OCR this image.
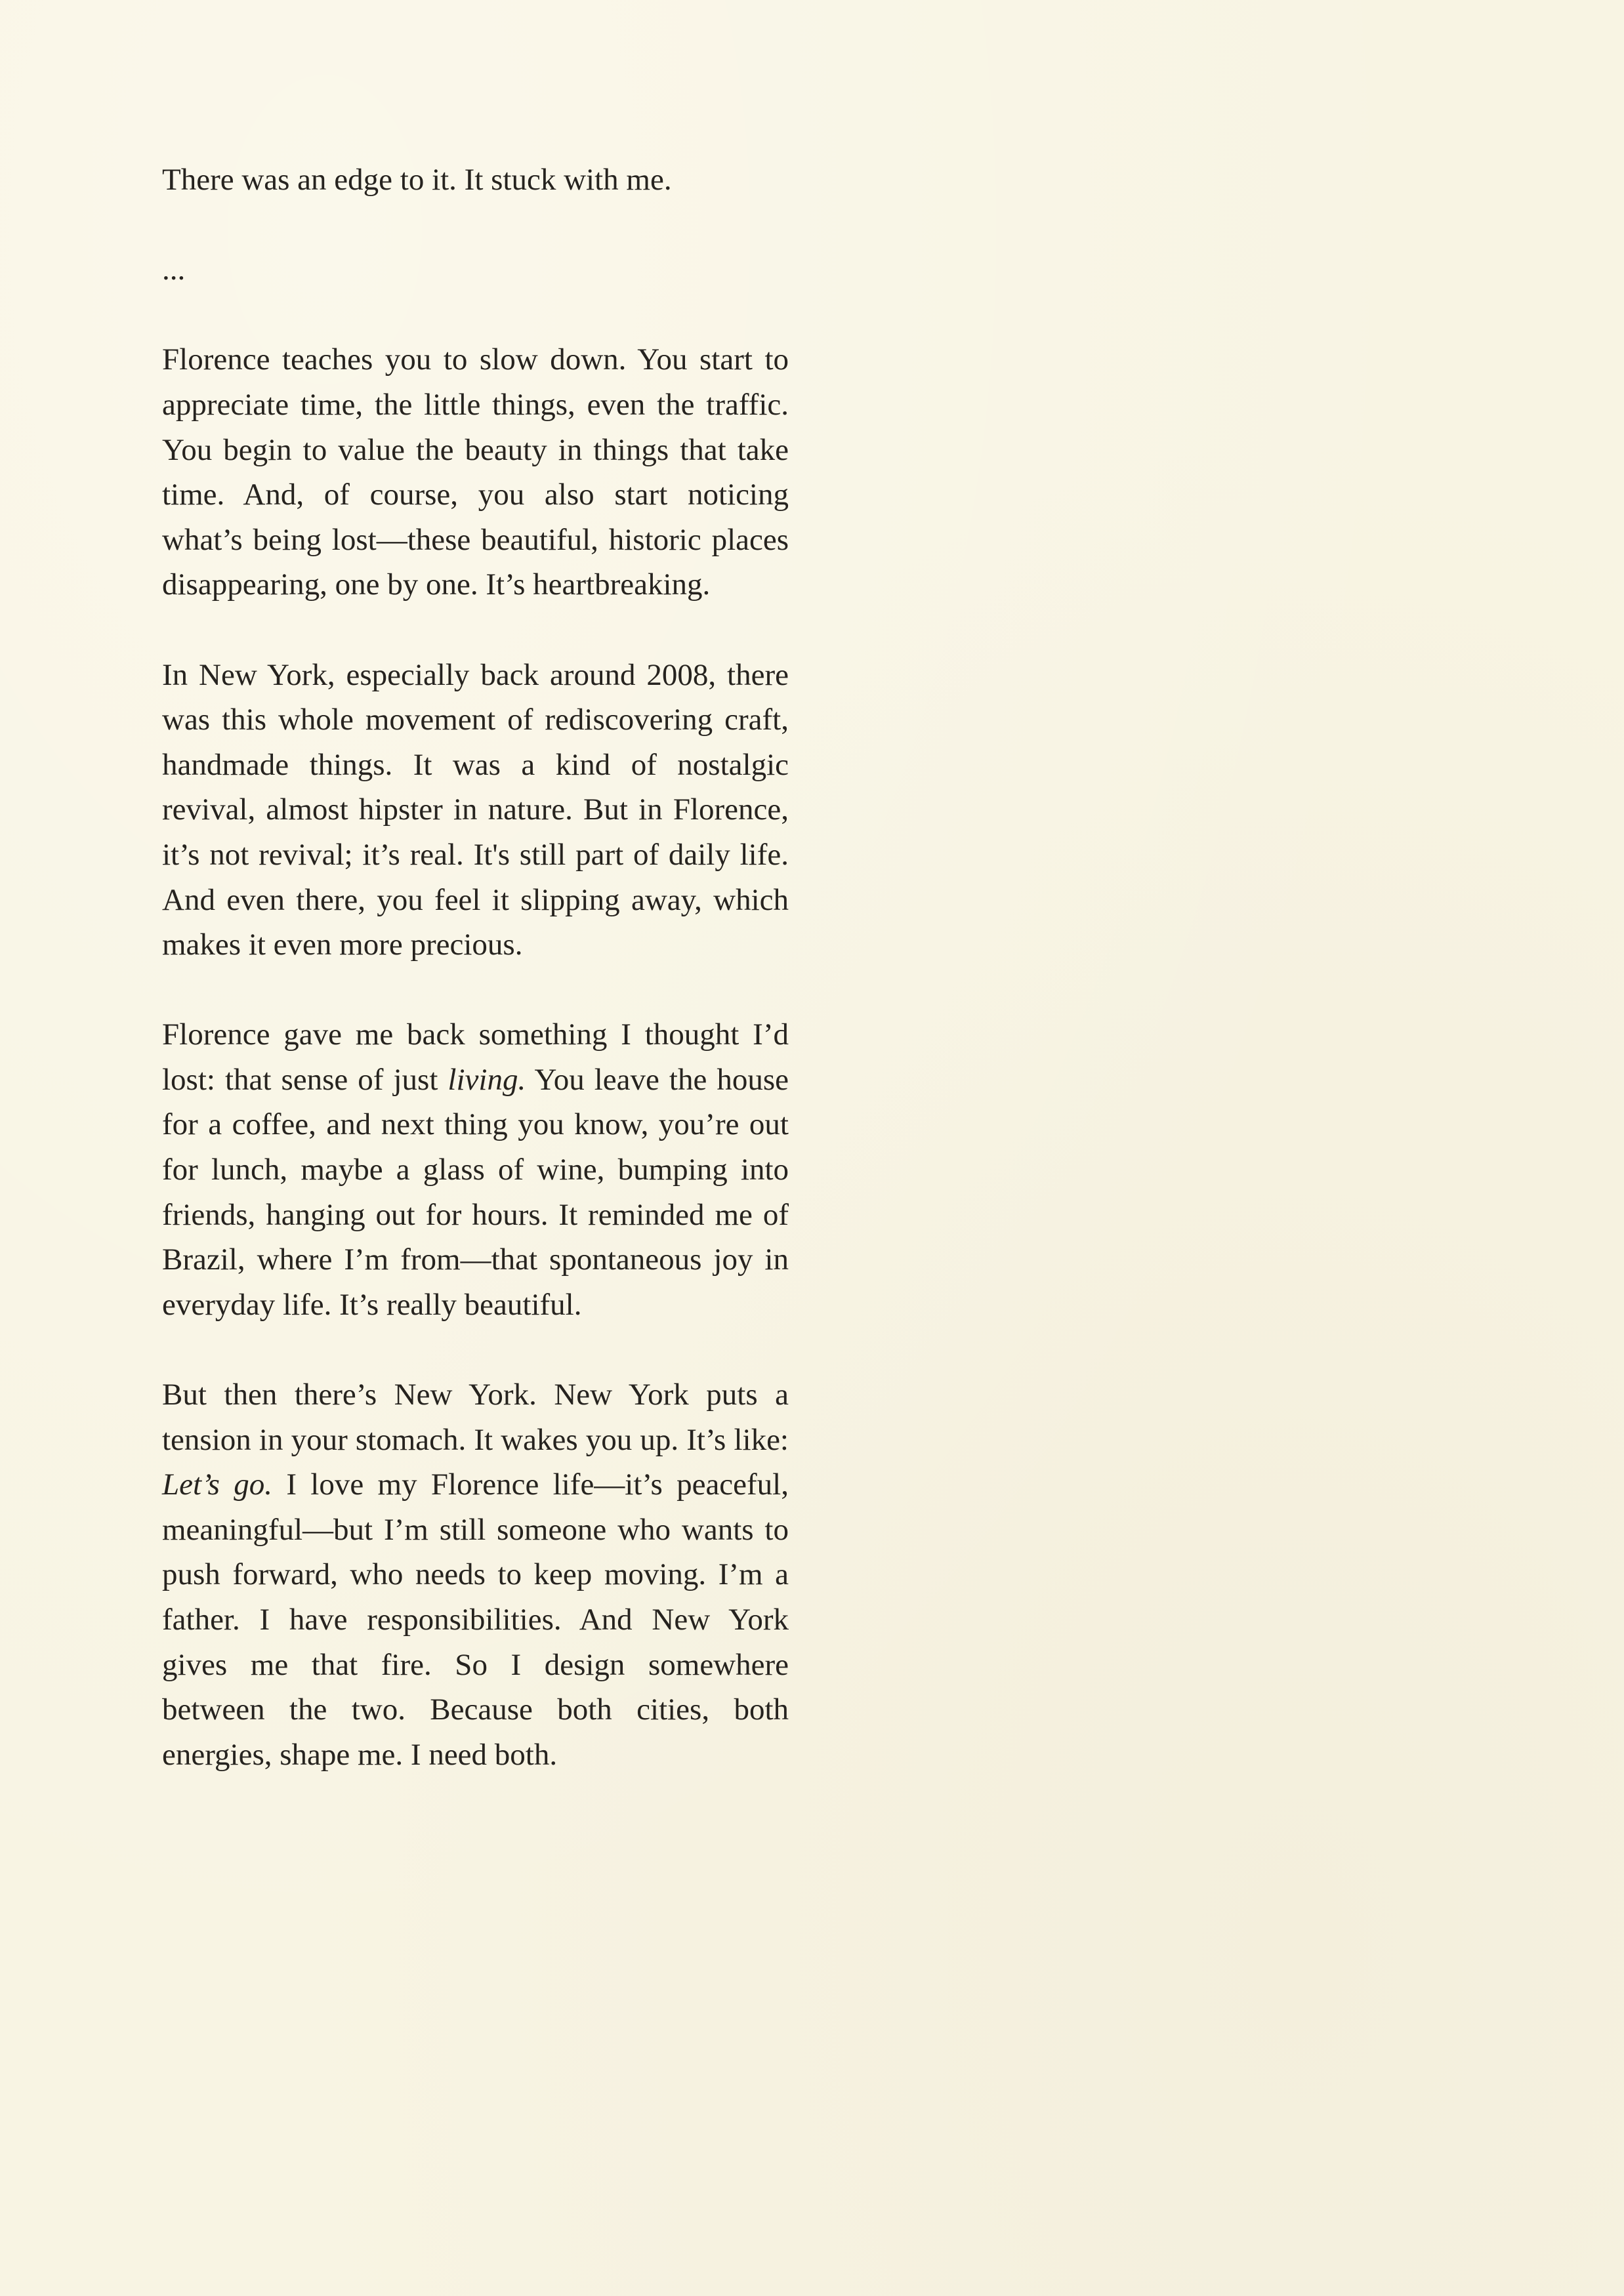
There was an edge to it. It stuck with me.

...

Florence teaches you to slow down. You start to appreciate time, the little things, even the traffic. You begin to value the beauty in things that take time. And, of course, you also start noticing what’s being lost—these beautiful, historic places disappearing, one by one. It’s heartbreaking.

In New York, especially back around 2008, there was this whole movement of rediscovering craft, handmade things. It was a kind of nostalgic revival, almost hipster in nature. But in Florence, it’s not revival; it’s real. It's still part of daily life. And even there, you feel it slipping away, which makes it even more precious.

Florence gave me back something I thought I’d lost: that sense of just living. You leave the house for a coffee, and next thing you know, you’re out for lunch, maybe a glass of wine, bumping into friends, hanging out for hours. It reminded me of Brazil, where I’m from—that spontaneous joy in everyday life. It’s really beautiful.

But then there’s New York. New York puts a tension in your stomach. It wakes you up. It’s like: Let’s go. I love my Florence life—it’s peaceful, meaningful—but I’m still someone who wants to push forward, who needs to keep moving. I’m a father. I have responsibilities. And New York gives me that fire. So I design somewhere between the two. Because both cities, both energies, shape me. I need both.
